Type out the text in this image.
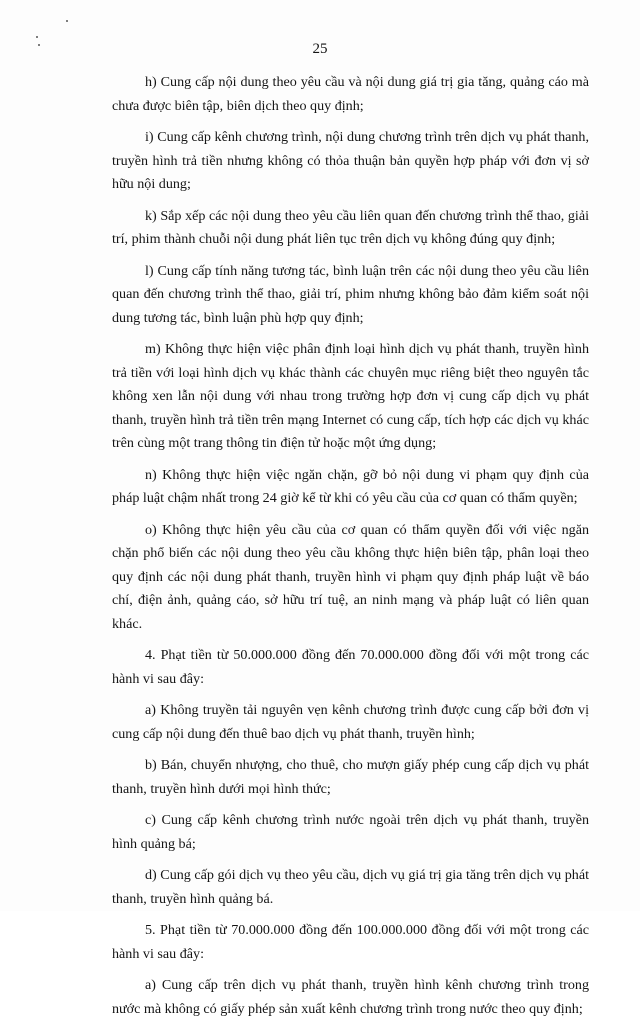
25

h) Cung cấp nội dung theo yêu cầu và nội dung giá trị gia tăng, quảng cáo mà chưa được biên tập, biên dịch theo quy định;

i) Cung cấp kênh chương trình, nội dung chương trình trên dịch vụ phát thanh, truyền hình trả tiền nhưng không có thỏa thuận bản quyền hợp pháp với đơn vị sở hữu nội dung;

k) Sắp xếp các nội dung theo yêu cầu liên quan đến chương trình thể thao, giải trí, phim thành chuỗi nội dung phát liên tục trên dịch vụ không đúng quy định;

l) Cung cấp tính năng tương tác, bình luận trên các nội dung theo yêu cầu liên quan đến chương trình thể thao, giải trí, phim nhưng không bảo đảm kiểm soát nội dung tương tác, bình luận phù hợp quy định;

m) Không thực hiện việc phân định loại hình dịch vụ phát thanh, truyền hình trả tiền với loại hình dịch vụ khác thành các chuyên mục riêng biệt theo nguyên tắc không xen lẫn nội dung với nhau trong trường hợp đơn vị cung cấp dịch vụ phát thanh, truyền hình trả tiền trên mạng Internet có cung cấp, tích hợp các dịch vụ khác trên cùng một trang thông tin điện tử hoặc một ứng dụng;

n) Không thực hiện việc ngăn chặn, gỡ bỏ nội dung vi phạm quy định của pháp luật chậm nhất trong 24 giờ kể từ khi có yêu cầu của cơ quan có thẩm quyền;

o) Không thực hiện yêu cầu của cơ quan có thẩm quyền đối với việc ngăn chặn phổ biến các nội dung theo yêu cầu không thực hiện biên tập, phân loại theo quy định các nội dung phát thanh, truyền hình vi phạm quy định pháp luật về báo chí, điện ảnh, quảng cáo, sở hữu trí tuệ, an ninh mạng và pháp luật có liên quan khác.

4. Phạt tiền từ 50.000.000 đồng đến 70.000.000 đồng đối với một trong các hành vi sau đây:

a) Không truyền tải nguyên vẹn kênh chương trình được cung cấp bởi đơn vị cung cấp nội dung đến thuê bao dịch vụ phát thanh, truyền hình;

b) Bán, chuyển nhượng, cho thuê, cho mượn giấy phép cung cấp dịch vụ phát thanh, truyền hình dưới mọi hình thức;

c) Cung cấp kênh chương trình nước ngoài trên dịch vụ phát thanh, truyền hình quảng bá;

d) Cung cấp gói dịch vụ theo yêu cầu, dịch vụ giá trị gia tăng trên dịch vụ phát thanh, truyền hình quảng bá.

5. Phạt tiền từ 70.000.000 đồng đến 100.000.000 đồng đối với một trong các hành vi sau đây:

a) Cung cấp trên dịch vụ phát thanh, truyền hình kênh chương trình trong nước mà không có giấy phép sản xuất kênh chương trình trong nước theo quy định;
